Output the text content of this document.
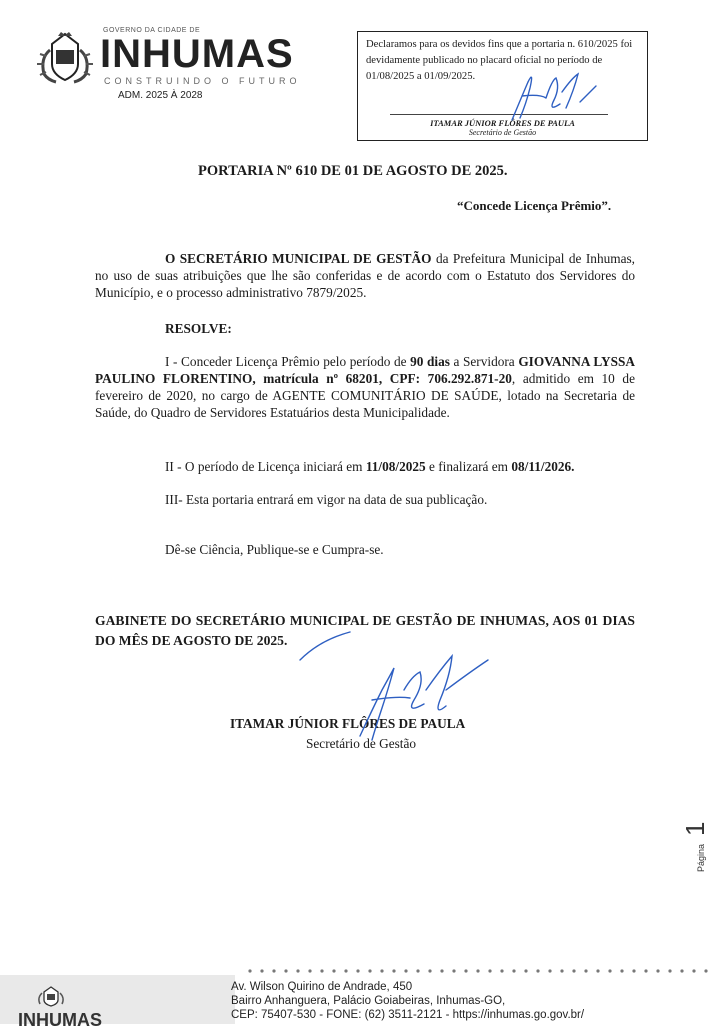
GOVERNO DA CIDADE DE
INHUMAS
CONSTRUINDO O FUTURO
ADM. 2025 À 2028
Declaramos para os devidos fins que a portaria n. 610/2025 foi devidamente publicado no placard oficial no período de 01/08/2025 a 01/09/2025.
ITAMAR JÚNIOR FLÔRES DE PAULA
Secretário de Gestão
PORTARIA Nº 610 DE 01 DE AGOSTO DE 2025.
“Concede Licença Prêmio”.
O SECRETÁRIO MUNICIPAL DE GESTÃO da Prefeitura Municipal de Inhumas, no uso de suas atribuições que lhe são conferidas e de acordo com o Estatuto dos Servidores do Município, e o processo administrativo 7879/2025.
RESOLVE:
I - Conceder Licença Prêmio pelo período de 90 dias a Servidora GIOVANNA LYSSA PAULINO FLORENTINO, matrícula nº 68201, CPF: 706.292.871-20, admitido em 10 de fevereiro de 2020, no cargo de AGENTE COMUNITÁRIO DE SAÚDE, lotado na Secretaria de Saúde, do Quadro de Servidores Estatuários desta Municipalidade.
II - O período de Licença iniciará em 11/08/2025 e finalizará em 08/11/2026.
III- Esta portaria entrará em vigor na data de sua publicação.
Dê-se Ciência, Publique-se e Cumpra-se.
GABINETE DO SECRETÁRIO MUNICIPAL DE GESTÃO DE INHUMAS, AOS 01 DIAS DO MÊS DE AGOSTO DE 2025.
ITAMAR JÚNIOR FLÔRES DE PAULA
Secretário de Gestão
Página
1
INHUMAS
Av. Wilson Quirino de Andrade, 450
Bairro Anhanguera, Palácio Goiabeiras, Inhumas-GO,
CEP: 75407-530 - FONE: (62) 3511-2121 - https://inhumas.go.gov.br/
